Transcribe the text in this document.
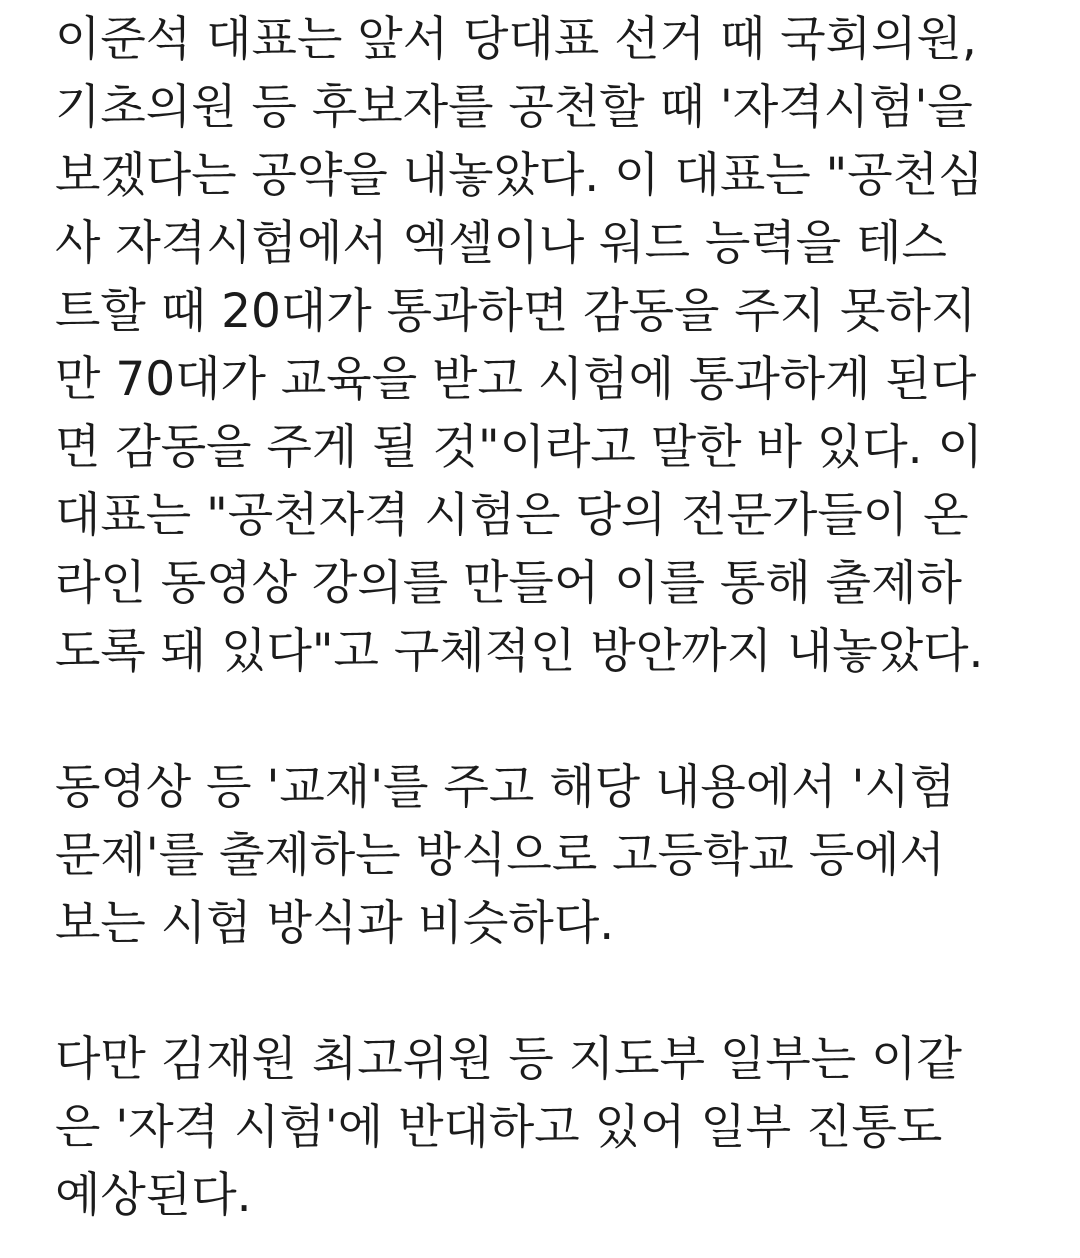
이준석 대표는 앞서 당대표 선거 때 국회의원,
기초의원 등 후보자를 공천할 때 '자격시험'을
보겠다는 공약을 내놓았다. 이 대표는 "공천심
사 자격시험에서 엑셀이나 워드 능력을 테스
트할 때 20대가 통과하면 감동을 주지 못하지
만 70대가 교육을 받고 시험에 통과하게 된다
면 감동을 주게 될 것"이라고 말한 바 있다. 이
대표는 "공천자격 시험은 당의 전문가들이 온
라인 동영상 강의를 만들어 이를 통해 출제하
도록 돼 있다"고 구체적인 방안까지 내놓았다.

동영상 등 '교재'를 주고 해당 내용에서 '시험
문제'를 출제하는 방식으로 고등학교 등에서
보는 시험 방식과 비슷하다.

다만 김재원 최고위원 등 지도부 일부는 이같
은 '자격 시험'에 반대하고 있어 일부 진통도
예상된다.
